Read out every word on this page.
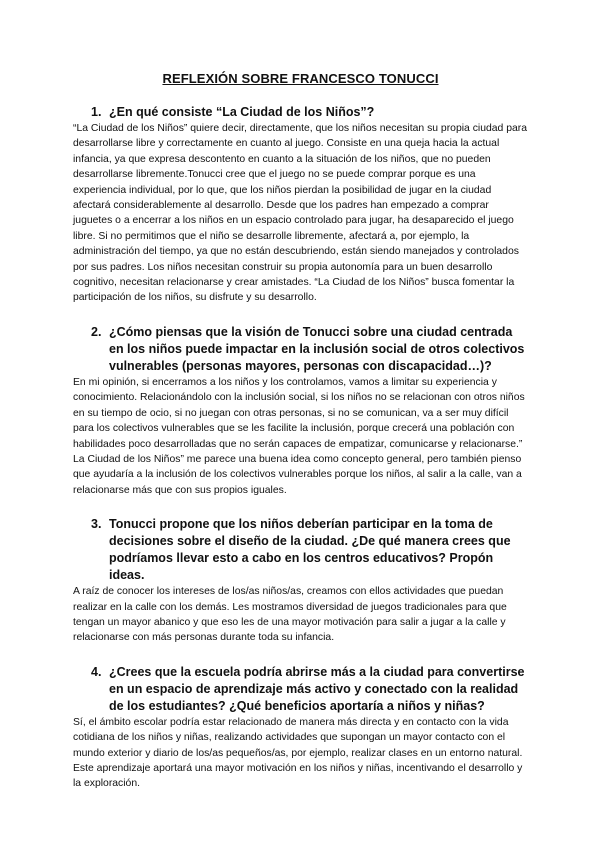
REFLEXIÓN SOBRE FRANCESCO TONUCCI
1. ¿En qué consiste “La Ciudad de los Niños”?

“La Ciudad de los Niños” quiere decir, directamente, que los niños necesitan su propia ciudad para desarrollarse libre y correctamente en cuanto al juego. Consiste en una queja hacia la actual infancia, ya que expresa descontento en cuanto a la situación de los niños, que no pueden desarrollarse libremente.Tonucci cree que el juego no se puede comprar porque es una experiencia individual, por lo que, que los niños pierdan la posibilidad de jugar en la ciudad afectará considerablemente al desarrollo. Desde que los padres han empezado a comprar juguetes o a encerrar a los niños en un espacio controlado para jugar, ha desaparecido el juego libre. Si no permitimos que el niño se desarrolle libremente, afectará a, por ejemplo, la administración del tiempo, ya que no están descubriendo, están siendo manejados y controlados por sus padres. Los niños necesitan construir su propia autonomía para un buen desarrollo cognitivo, necesitan relacionarse y crear amistades. “La Ciudad de los Niños” busca fomentar la participación de los niños, su disfrute y su desarrollo.

2. ¿Cómo piensas que la visión de Tonucci sobre una ciudad centrada en los niños puede impactar en la inclusión social de otros colectivos vulnerables (personas mayores, personas con discapacidad…)?

En mi opinión, si encerramos a los niños y los controlamos, vamos a limitar su experiencia y conocimiento. Relacionándolo con la inclusión social, si los niños no se relacionan con otros niños en su tiempo de ocio, si no juegan con otras personas, si no se comunican, va a ser muy difícil para los colectivos vulnerables que se les facilite la inclusión, porque crecerá una población con habilidades poco desarrolladas que no serán capaces de empatizar, comunicarse y relacionarse.” La Ciudad de los Niños” me parece una buena idea como concepto general, pero también pienso que ayudaría a la inclusión de los colectivos vulnerables porque los niños, al salir a la calle, van a relacionarse más que con sus propios iguales.

3. Tonucci propone que los niños deberían participar en la toma de decisiones sobre el diseño de la ciudad. ¿De qué manera crees que podríamos llevar esto a cabo en los centros educativos? Propón ideas.

A raíz de conocer los intereses de los/as niños/as, creamos con ellos actividades que puedan realizar en la calle con los demás. Les mostramos diversidad de juegos tradicionales para que tengan un mayor abanico y que eso les de una mayor motivación para salir a jugar a la calle y relacionarse con más personas durante toda su infancia.

4. ¿Crees que la escuela podría abrirse más a la ciudad para convertirse en un espacio de aprendizaje más activo y conectado con la realidad de los estudiantes? ¿Qué beneficios aportaría a niños y niñas?

Sí, el ámbito escolar podría estar relacionado de manera más directa y en contacto con la vida cotidiana de los niños y niñas, realizando actividades que supongan un mayor contacto con el mundo exterior y diario de los/as pequeños/as, por ejemplo, realizar clases en un entorno natural. Este aprendizaje aportará una mayor motivación en los niños y niñas, incentivando el desarrollo y la exploración.
